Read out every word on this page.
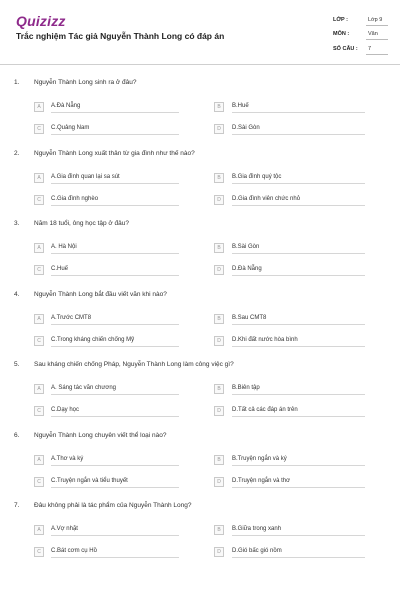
Quizizz
Trắc nghiệm Tác giả Nguyễn Thành Long có đáp án
LỚP :	Lớp 9
MÔN :	Văn
SỐ CÂU : 7
1. Nguyễn Thành Long sinh ra ở đâu?
A	A.Đà Nẵng	B	B.Huế
C	C.Quảng Nam	D	D.Sài Gòn
2. Nguyễn Thành Long xuất thân từ gia đình như thế nào?
A	A.Gia đình quan lại sa sút	B	B.Gia đình quý tộc
C	C.Gia đình nghèo	D	D.Gia đình viên chức nhỏ
3. Năm 18 tuổi, ông học tập ở đâu?
A	A. Hà Nội	B	B.Sài Gòn
C	C.Huế	D	D.Đà Nẵng
4. Nguyễn Thành Long bắt đầu viết văn khi nào?
A	A.Trước CMT8	B	B.Sau CMT8
C	C.Trong kháng chiến chống Mỹ	D	D.Khi đất nước hòa bình
5. Sau kháng chiến chống Pháp, Nguyễn Thành Long làm công việc gì?
A	A. Sáng tác văn chương	B	B.Biên tập
C	C.Dạy học	D	D.Tất cả các đáp án trên
6. Nguyễn Thành Long chuyên viết thể loại nào?
A	A.Thơ và ký	B	B.Truyện ngắn và ký
C	C.Truyện ngắn và tiểu thuyết	D	D.Truyện ngắn và thơ
7. Đâu không phải là tác phẩm của Nguyễn Thành Long?
A	A.Vợ nhặt	B	B.Giữa trong xanh
C	C.Bát cơm cụ Hồ	D	D.Gió bấc gió nồm
